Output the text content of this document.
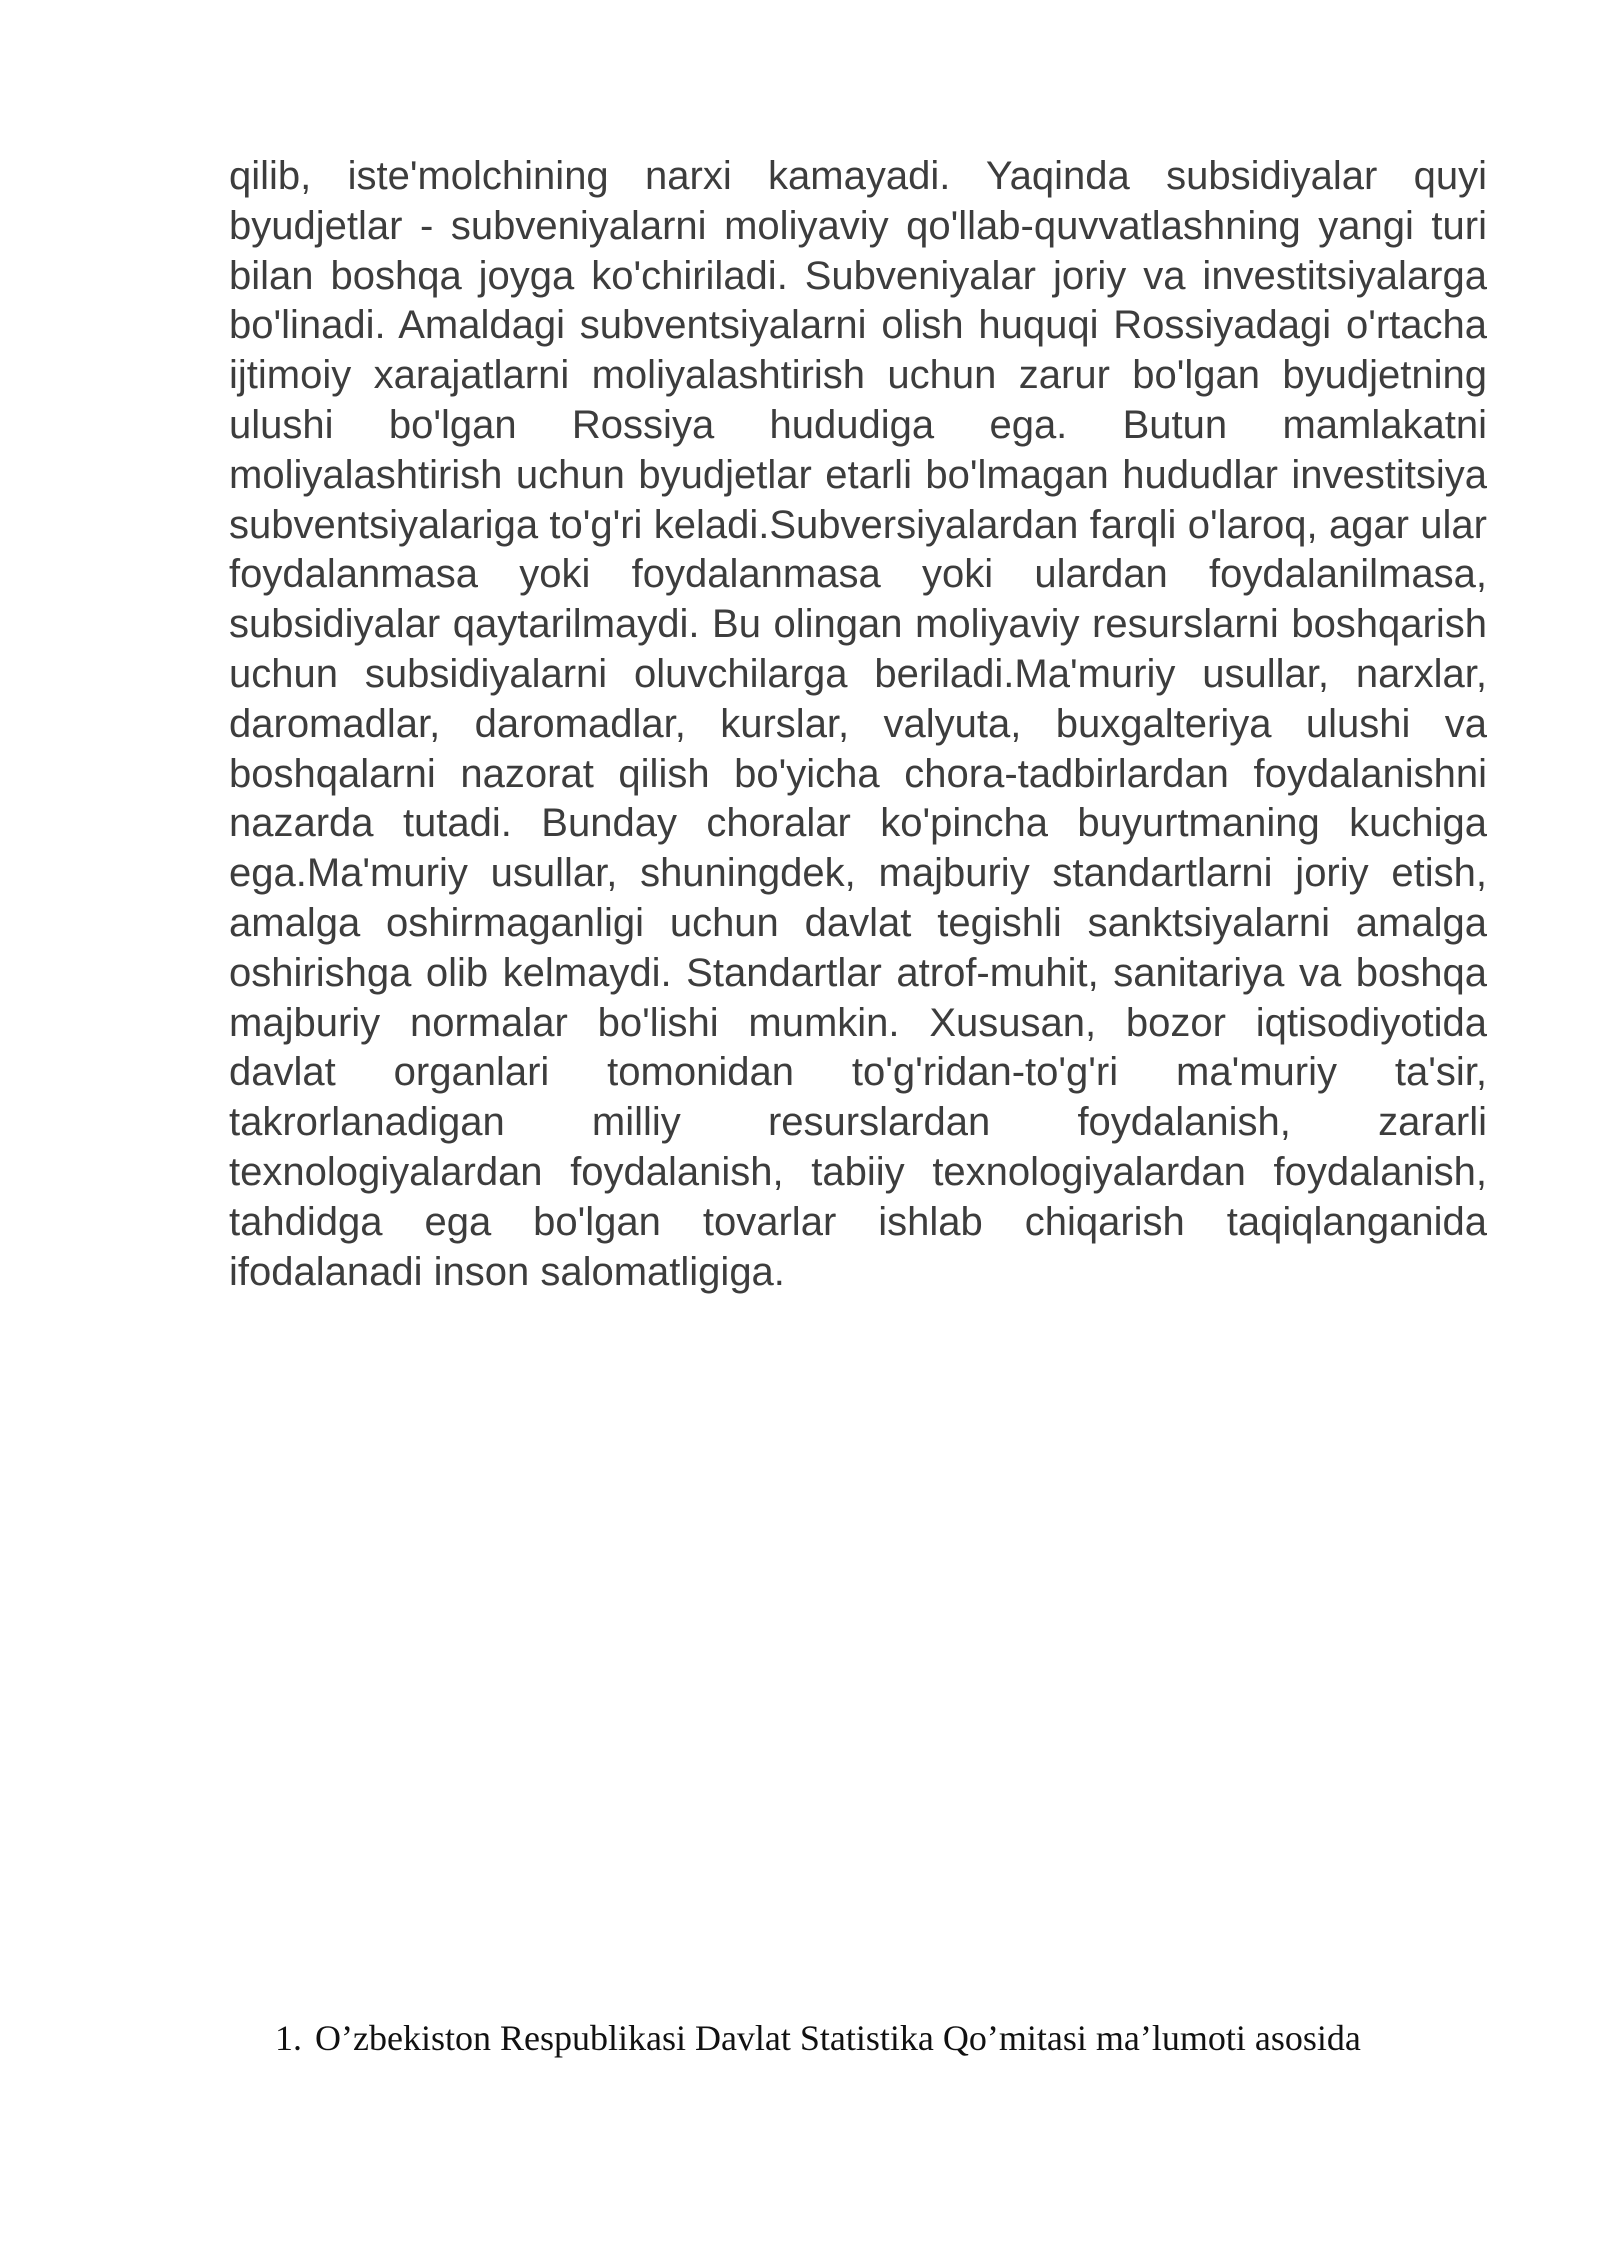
qilib, iste'molchining narxi kamayadi. Yaqinda subsidiyalar quyi byudjetlar - subveniyalarni moliyaviy qo'llab-quvvatlashning yangi turi bilan boshqa joyga ko'chiriladi. Subveniyalar joriy va investitsiyalarga bo'linadi. Amaldagi subventsiyalarni olish huquqi Rossiyadagi o'rtacha ijtimoiy xarajatlarni moliyalashtirish uchun zarur bo'lgan byudjetning ulushi bo'lgan Rossiya hududiga ega. Butun mamlakatni moliyalashtirish uchun byudjetlar etarli bo'lmagan hududlar investitsiya subventsiyalariga to'g'ri keladi.Subversiyalardan farqli o'laroq, agar ular foydalanmasa yoki foydalanmasa yoki ulardan foydalanilmasa, subsidiyalar qaytarilmaydi. Bu olingan moliyaviy resurslarni boshqarish uchun subsidiyalarni oluvchilarga beriladi.Ma'muriy usullar, narxlar, daromadlar, daromadlar, kurslar, valyuta, buxgalteriya ulushi va boshqalarni nazorat qilish bo'yicha chora-tadbirlardan foydalanishni nazarda tutadi. Bunday choralar ko'pincha buyurtmaning kuchiga ega.Ma'muriy usullar, shuningdek, majburiy standartlarni joriy etish, amalga oshirmaganligi uchun davlat tegishli sanktsiyalarni amalga oshirishga olib kelmaydi. Standartlar atrof-muhit, sanitariya va boshqa majburiy normalar bo'lishi mumkin. Xususan, bozor iqtisodiyotida davlat organlari tomonidan to'g'ridan-to'g'ri ma'muriy ta'sir, takrorlanadigan milliy resurslardan foydalanish, zararli texnologiyalardan foydalanish, tabiiy texnologiyalardan foydalanish, tahdidga ega bo'lgan tovarlar ishlab chiqarish taqiqlanganida ifodalanadi inson salomatligiga.

1. O’zbekiston Respublikasi Davlat Statistika Qo’mitasi ma’lumoti asosida
